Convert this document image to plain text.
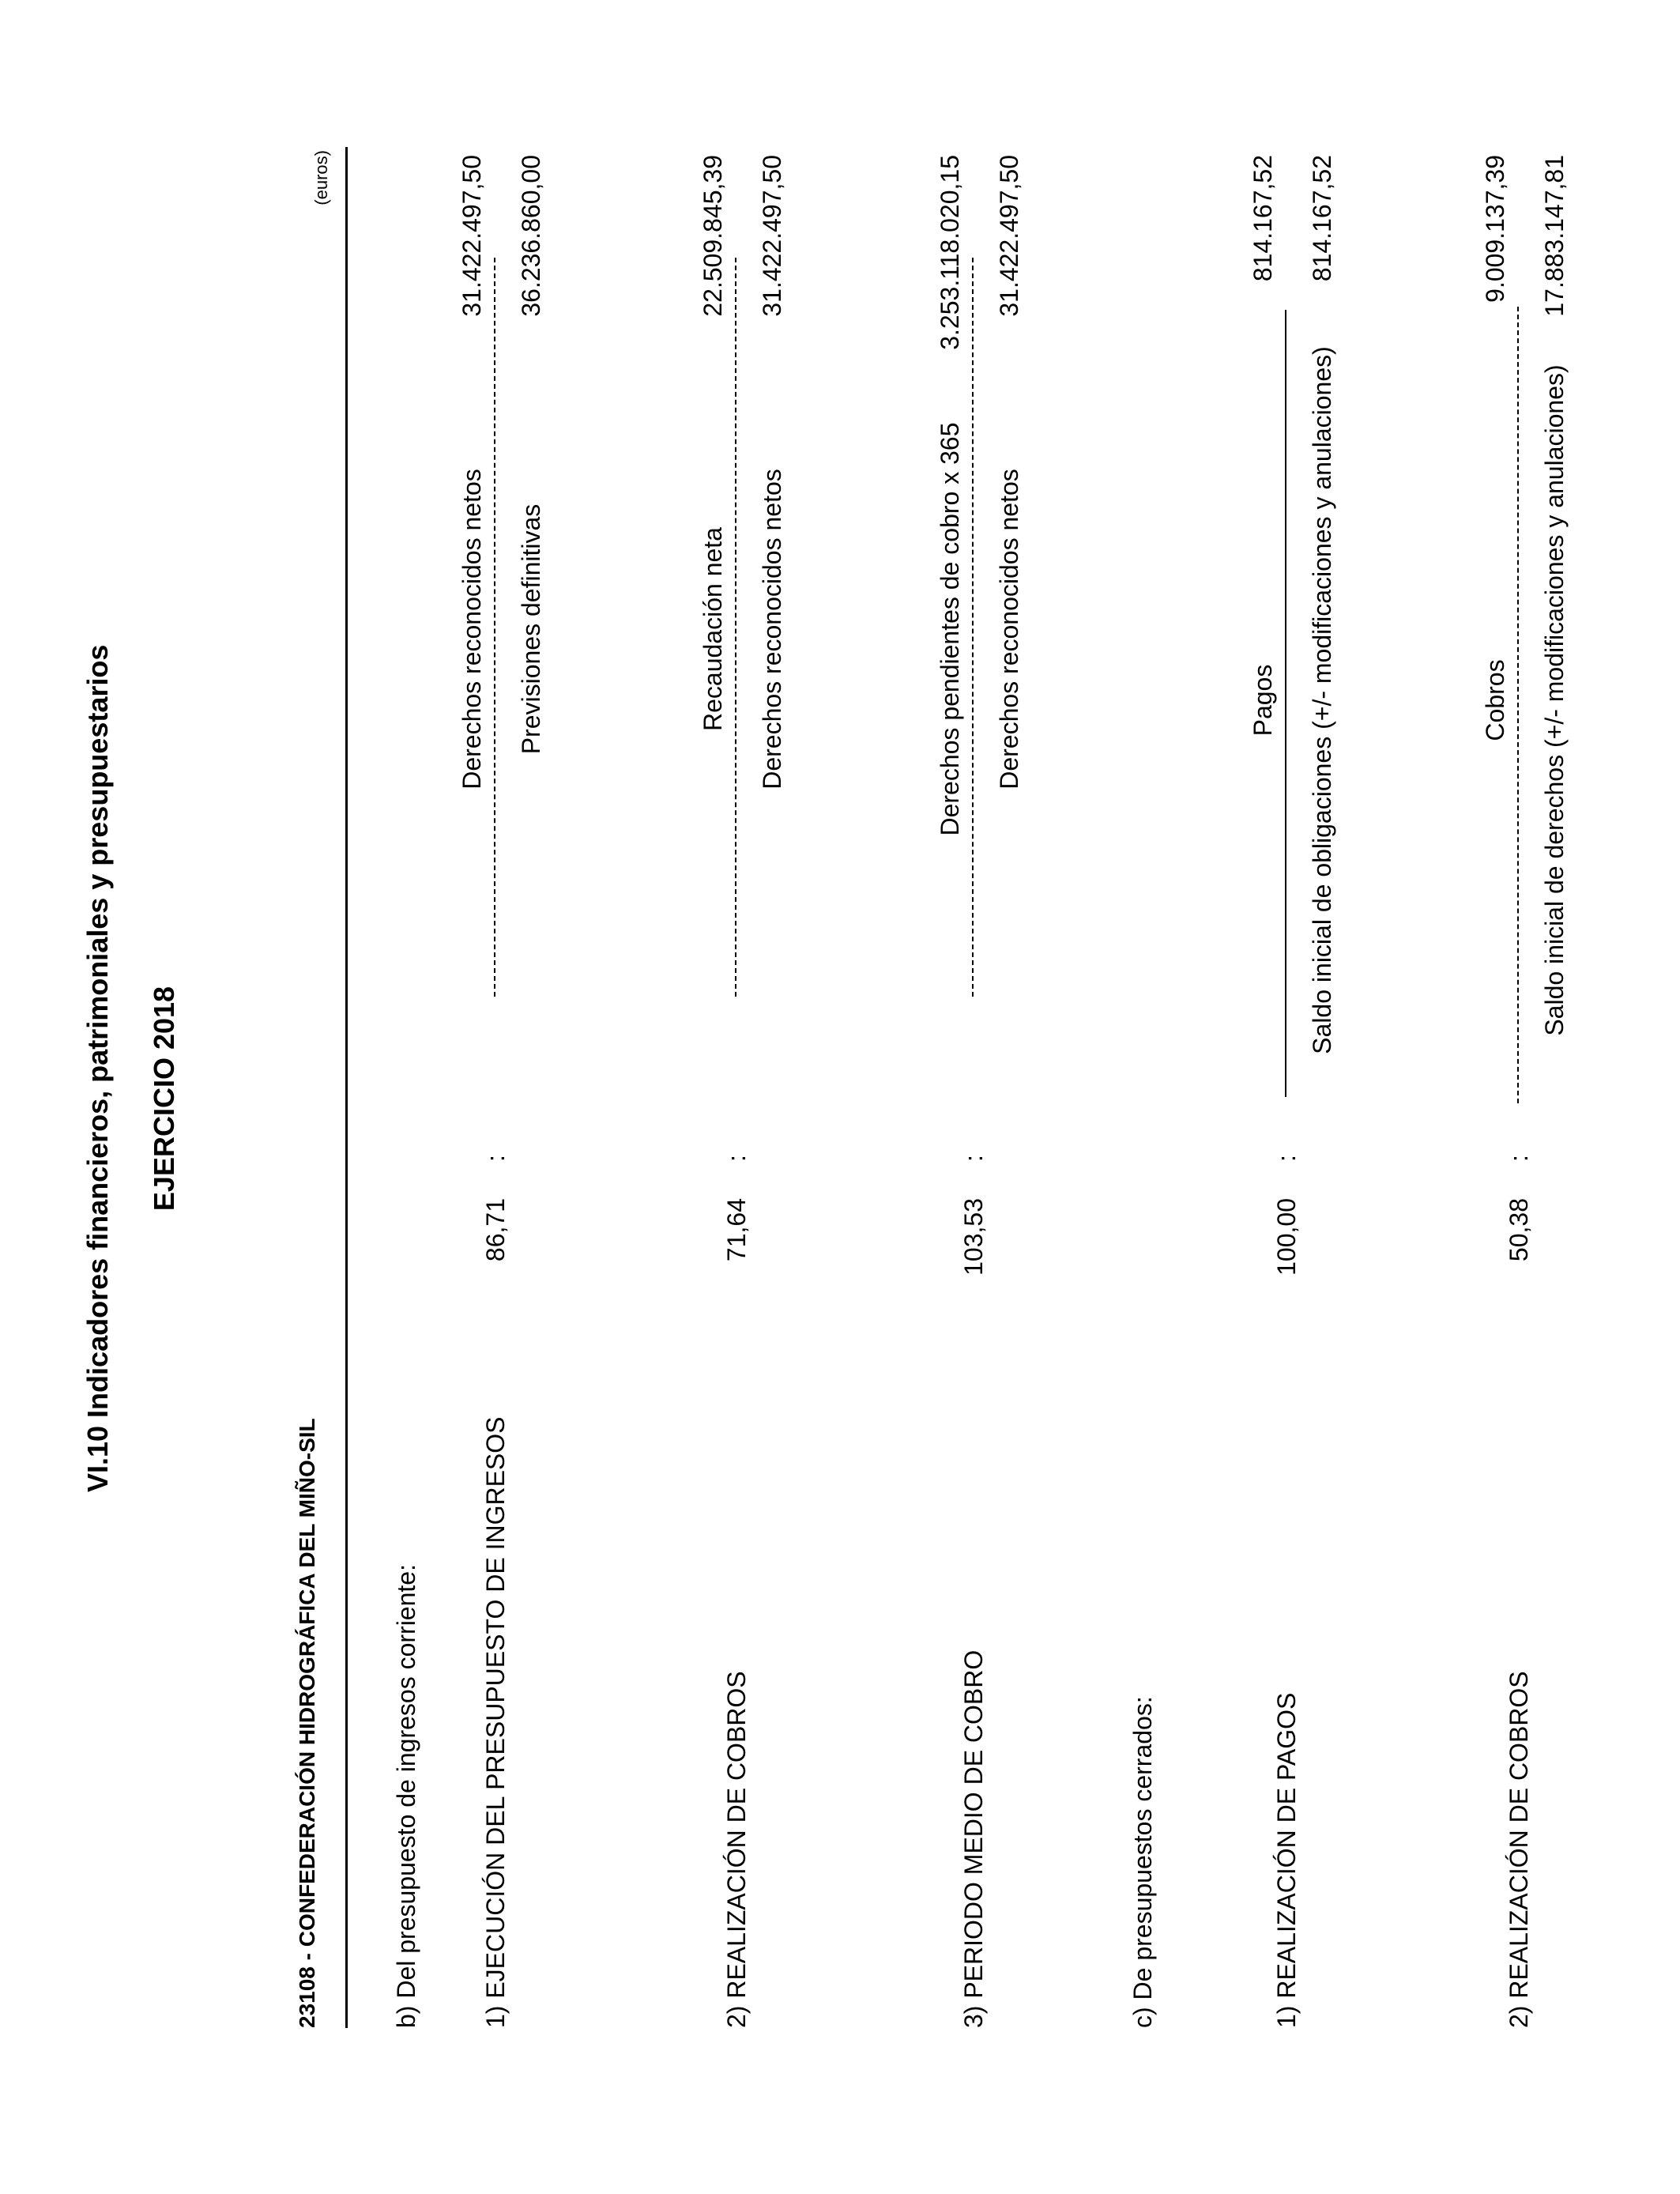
VI.10 Indicadores financieros, patrimoniales y presupuestarios EJERCICIO 2018
23108 - CONFEDERACIÓN HIDROGRÁFICA DEL MIÑO-SIL
(euros)
b) Del presupuesto de ingresos corriente: 1) EJECUCIÓN DEL PRESUPUESTO DE INGRESOS
86,71
:
Derechos reconocidos netos Previsiones definitivas
31.422.497,50 36.236.860,00
2) REALIZACIÓN DE COBROS
71,64
:
Recaudación neta Derechos reconocidos netos
22.509.845,39 31.422.497,50
3) PERIODO MEDIO DE COBRO
103,53
:
Derechos pendientes de cobro x 365 Derechos reconocidos netos
3.253.118.020,15 31.422.497,50
c) De presupuestos cerrados:	1) REALIZACIÓN DE PAGOS
100,00
:
Pagos Saldo inicial de obligaciones (+/- modificaciones y anulaciones)
814.167,52 814.167,52
2) REALIZACIÓN DE COBROS
50,38
:
Cobros Saldo inicial de derechos (+/- modificaciones y anulaciones)
9.009.137,39 17.883.147,81
